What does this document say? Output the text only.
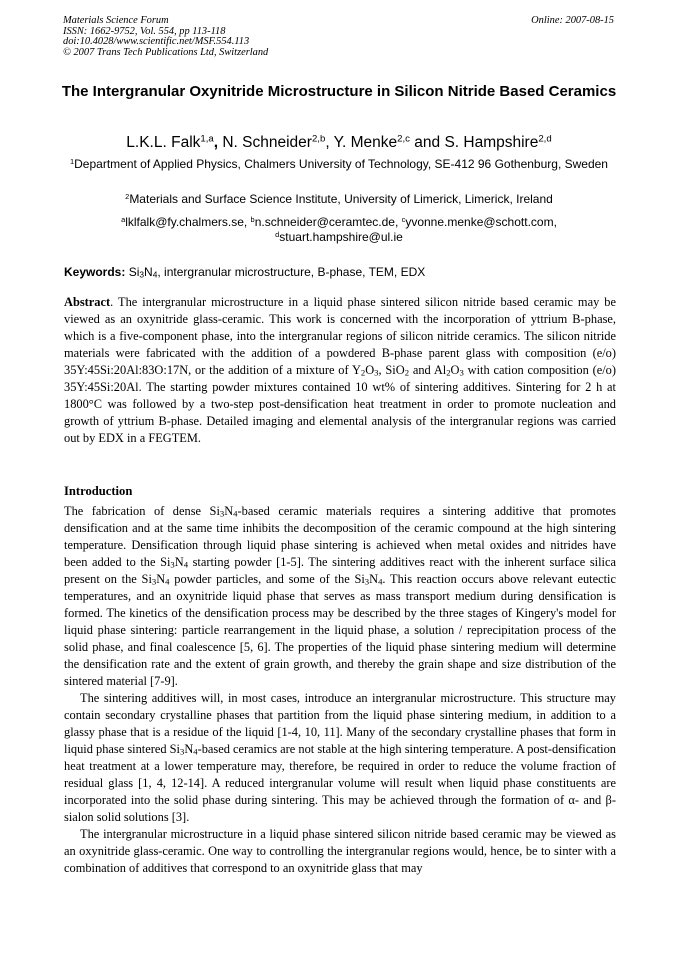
Materials Science Forum
ISSN: 1662-9752, Vol. 554, pp 113-118
doi:10.4028/www.scientific.net/MSF.554.113
© 2007 Trans Tech Publications Ltd, Switzerland
Online: 2007-08-15
The Intergranular Oxynitride Microstructure in Silicon Nitride Based Ceramics
L.K.L. Falk$^{1,a}$, N. Schneider$^{2,b}$, Y. Menke$^{2,c}$ and S. Hampshire$^{2,d}$
$^1$Department of Applied Physics, Chalmers University of Technology, SE-412 96 Gothenburg, Sweden
$^2$Materials and Surface Science Institute, University of Limerick, Limerick, Ireland
$^a$lklfalk@fy.chalmers.se, $^b$n.schneider@ceramtec.de, $^c$yvonne.menke@schott.com,
$^d$stuart.hampshire@ul.ie
Keywords: $Si_3N_4$, intergranular microstructure, B-phase, TEM, EDX
Abstract. The intergranular microstructure in a liquid phase sintered silicon nitride based ceramic may be viewed as an oxynitride glass-ceramic. This work is concerned with the incorporation of yttrium B-phase, which is a five-component phase, into the intergranular regions of silicon nitride ceramics. The silicon nitride materials were fabricated with the addition of a powdered B-phase parent glass with composition (e/o) 35Y:45Si:20Al:83O:17N, or the addition of a mixture of $Y_2O_3$, SiO$_2$ and $Al_2O_3$ with cation composition (e/o) 35Y:45Si:20Al. The starting powder mixtures contained 10 wt% of sintering additives. Sintering for 2 h at 1800°C was followed by a two-step post-densification heat treatment in order to promote nucleation and growth of yttrium B-phase. Detailed imaging and elemental analysis of the intergranular regions was carried out by EDX in a FEGTEM.
Introduction

The fabrication of dense $Si_3N_4$-based ceramic materials requires a sintering additive that promotes densification and at the same time inhibits the decomposition of the ceramic compound at the high sintering temperature. Densification through liquid phase sintering is achieved when metal oxides and nitrides have been added to the $Si_3N_4$ starting powder [1-5]. The sintering additives react with the inherent surface silica present on the $Si_3N_4$ powder particles, and some of the $Si_3N_4$. This reaction occurs above relevant eutectic temperatures, and an oxynitride liquid phase that serves as mass transport medium during densification is formed. The kinetics of the densification process may be described by the three stages of Kingery's model for liquid phase sintering: particle rearrangement in the liquid phase, a solution / reprecipitation process of the solid phase, and final coalescence [5, 6]. The properties of the liquid phase sintering medium will determine the densification rate and the extent of grain growth, and thereby the grain shape and size distribution of the sintered material [7-9].

The sintering additives will, in most cases, introduce an intergranular microstructure. This structure may contain secondary crystalline phases that partition from the liquid phase sintering medium, in addition to a glassy phase that is a residue of the liquid [1-4, 10, 11]. Many of the secondary crystalline phases that form in liquid phase sintered $Si_3N_4$-based ceramics are not stable at the high sintering temperature. A post-densification heat treatment at a lower temperature may, therefore, be required in order to reduce the volume fraction of residual glass [1, 4, 12-14]. A reduced intergranular volume will result when liquid phase constituents are incorporated into the solid phase during sintering. This may be achieved through the formation of α- and β-sialon solid solutions [3].

The intergranular microstructure in a liquid phase sintered silicon nitride based ceramic may be viewed as an oxynitride glass-ceramic. One way to controlling the intergranular regions would, hence, be to sinter with a combination of additives that correspond to an oxynitride glass that may
